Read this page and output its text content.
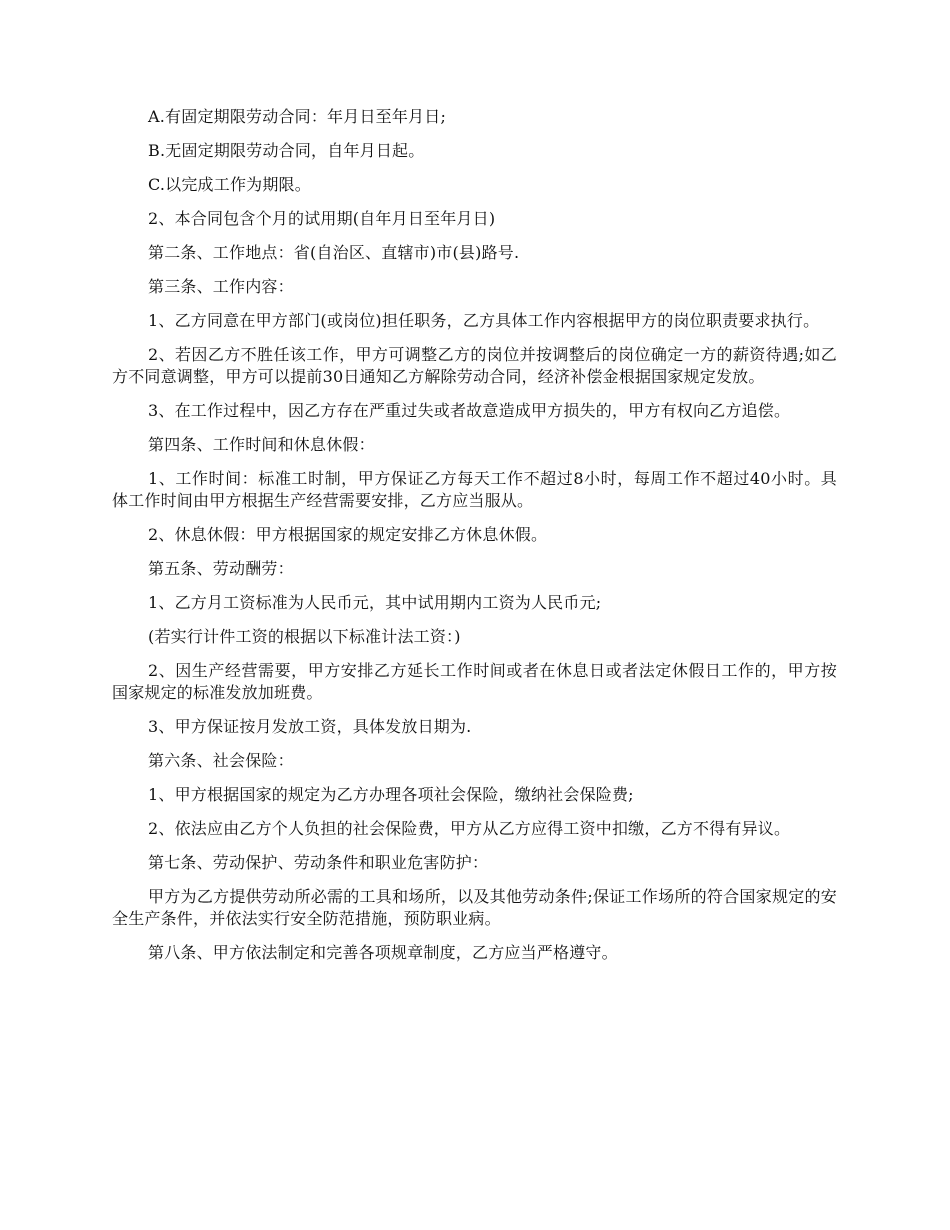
A.有固定期限劳动合同：年月日至年月日;

B.无固定期限劳动合同，自年月日起。

C.以完成工作为期限。

2、本合同包含个月的试用期(自年月日至年月日)

第二条、工作地点：省(自治区、直辖市)市(县)路号.

第三条、工作内容：

1、乙方同意在甲方部门(或岗位)担任职务，乙方具体工作内容根据甲方的岗位职责要求执行。

2、若因乙方不胜任该工作，甲方可调整乙方的岗位并按调整后的岗位确定一方的薪资待遇;如乙方不同意调整，甲方可以提前30日通知乙方解除劳动合同，经济补偿金根据国家规定发放。

3、在工作过程中，因乙方存在严重过失或者故意造成甲方损失的，甲方有权向乙方追偿。

第四条、工作时间和休息休假：

1、工作时间：标准工时制，甲方保证乙方每天工作不超过8小时，每周工作不超过40小时。具体工作时间由甲方根据生产经营需要安排，乙方应当服从。

2、休息休假：甲方根据国家的规定安排乙方休息休假。

第五条、劳动酬劳：

1、乙方月工资标准为人民币元，其中试用期内工资为人民币元;

(若实行计件工资的根据以下标准计法工资：)

2、因生产经营需要，甲方安排乙方延长工作时间或者在休息日或者法定休假日工作的，甲方按国家规定的标准发放加班费。

3、甲方保证按月发放工资，具体发放日期为.

第六条、社会保险：

1、甲方根据国家的规定为乙方办理各项社会保险，缴纳社会保险费;

2、依法应由乙方个人负担的社会保险费，甲方从乙方应得工资中扣缴，乙方不得有异议。

第七条、劳动保护、劳动条件和职业危害防护：

甲方为乙方提供劳动所必需的工具和场所，以及其他劳动条件;保证工作场所的符合国家规定的安全生产条件，并依法实行安全防范措施，预防职业病。

第八条、甲方依法制定和完善各项规章制度，乙方应当严格遵守。
